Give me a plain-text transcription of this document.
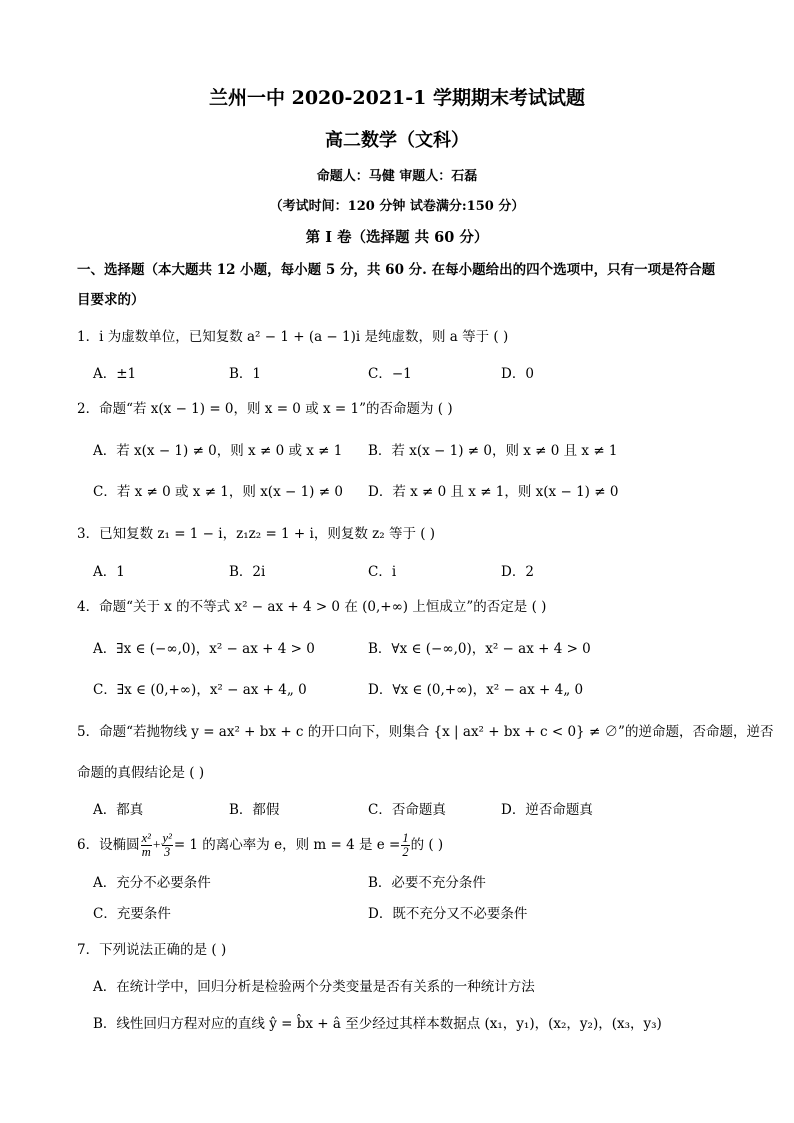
兰州一中 2020-2021-1 学期期末考试试题
高二数学（文科）
命题人：马健 审题人：石磊
（考试时间：120 分钟 试卷满分:150 分）
第 I 卷（选择题 共 60 分）
一、选择题（本大题共 12 小题，每小题 5 分，共 60 分. 在每小题给出的四个选项中，只有一项是符合题
目要求的）
1．i 为虚数单位，已知复数 a² − 1 + (a − 1)i 是纯虚数，则 a 等于 ( )
A．±1	B．1	C．−1	D．0
2．命题“若 x(x − 1) = 0，则 x = 0 或 x = 1”的否命题为 ( )
A．若 x(x − 1) ≠ 0，则 x ≠ 0 或 x ≠ 1 B．若 x(x − 1) ≠ 0，则 x ≠ 0 且 x ≠ 1
C．若 x ≠ 0 或 x ≠ 1，则 x(x − 1) ≠ 0 D．若 x ≠ 0 且 x ≠ 1，则 x(x − 1) ≠ 0
3．已知复数 z₁ = 1 − i，z₁z₂ = 1 + i，则复数 z₂ 等于 ( )
A．1	B．2i	C．i	D．2
4．命题“关于 x 的不等式 x² − ax + 4 > 0 在 (0,+∞) 上恒成立”的否定是 ( )
A．∃x ∈ (−∞,0)，x² − ax + 4 > 0	B．∀x ∈ (−∞,0)，x² − ax + 4 > 0
C．∃x ∈ (0,+∞)，x² − ax + 4„ 0	D．∀x ∈ (0,+∞)，x² − ax + 4„ 0
5．命题“若抛物线 y = ax² + bx + c 的开口向下，则集合 {x | ax² + bx + c < 0} ≠ ∅”的逆命题，否命题，逆否
命题的真假结论是 ( )
A．都真	B．都假	C．否命题真	D．逆否命题真
6．设椭圆 $\frac{\text{x²}}{m} + \frac{\text{y²}}{3} = 1$ 的离心率为 e，则 m = 4 是 $e = \frac{1}{2}$ 的 ( )
A．充分不必要条件	B．必要不充分条件
C．充要条件	D．既不充分又不必要条件
7．下列说法正确的是 ( )
A．在统计学中，回归分析是检验两个分类变量是否有关系的一种统计方法
B．线性回归方程对应的直线 ŷ = b̂x + â 至少经过其样本数据点 (x₁，y₁)，(x₂，y₂)，(x₃，y₃)
